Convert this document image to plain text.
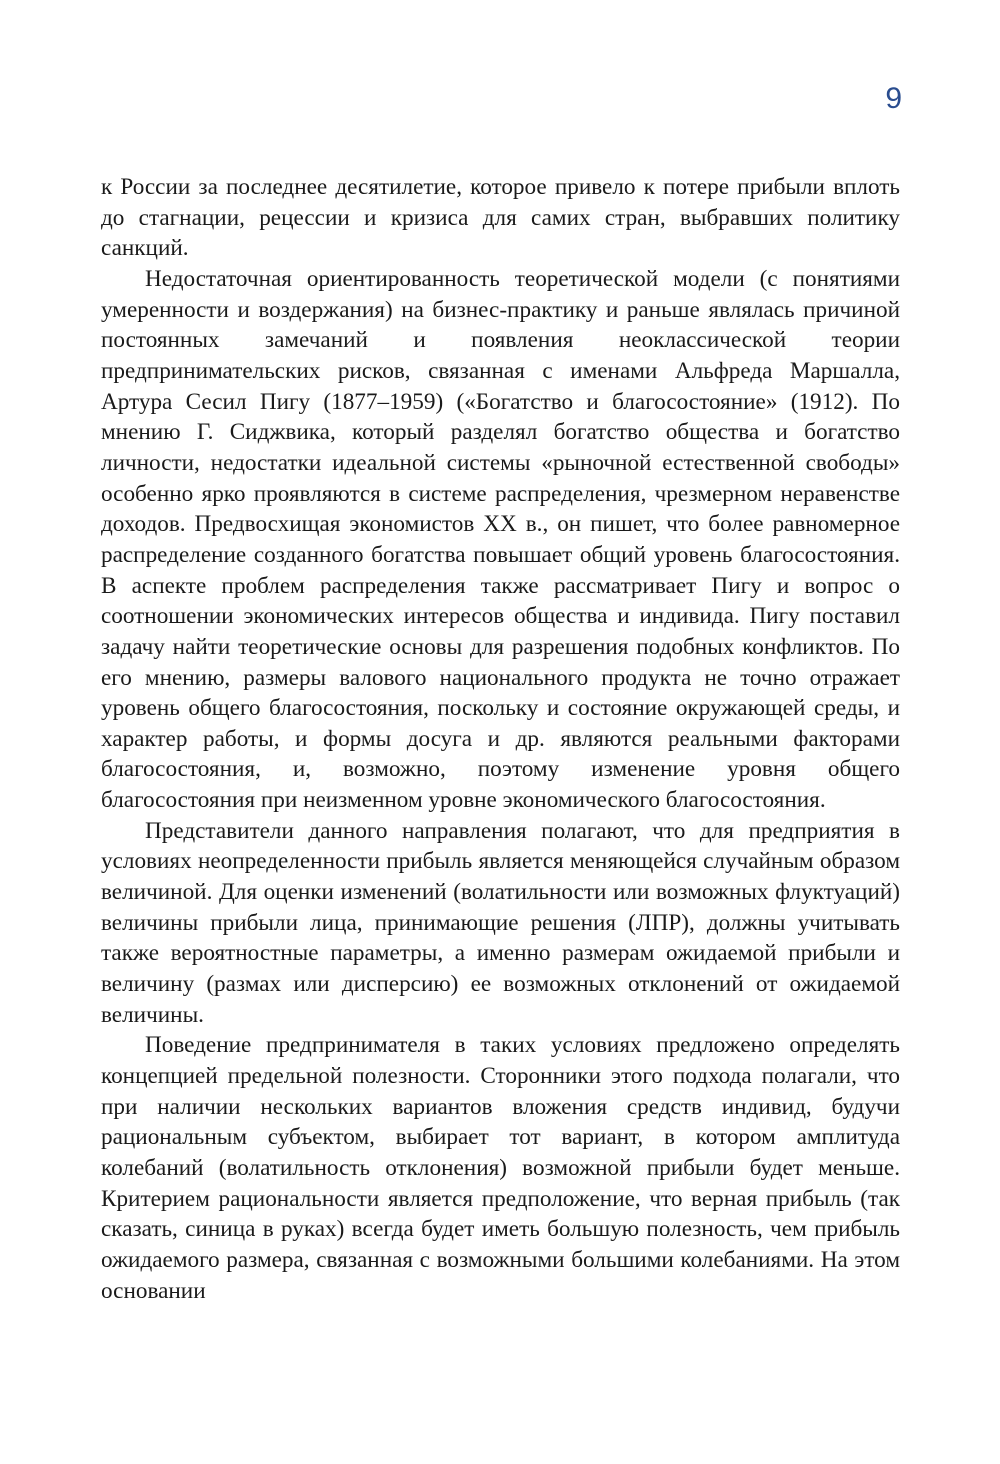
9

к России за последнее десятилетие, которое привело к потере прибыли вплоть до стагнации, рецессии и кризиса для самих стран, выбравших политику санкций.

Недостаточная ориентированность теоретической модели (с понятиями умеренности и воздержания) на бизнес-практику и раньше являлась причиной постоянных замечаний и появления неоклассической теории предпринимательских рисков, связанная с именами Альфреда Маршалла, Артура Сесил Пигу (1877–1959) («Богатство и благосостояние» (1912). По мнению Г. Сиджвика, который разделял богатство общества и богатство личности, недостатки идеальной системы «рыночной естественной свободы» особенно ярко проявляются в системе распределения, чрезмерном неравенстве доходов. Предвосхищая экономистов XX в., он пишет, что более равномерное распределение созданного богатства повышает общий уровень благосостояния. В аспекте проблем распределения также рассматривает Пигу и вопрос о соотношении экономических интересов общества и индивида. Пигу поставил задачу найти теоретические основы для разрешения подобных конфликтов. По его мнению, размеры валового национального продукта не точно отражает уровень общего благосостояния, поскольку и состояние окружающей среды, и характер работы, и формы досуга и др. являются реальными факторами благосостояния, и, возможно, поэтому изменение уровня общего благосостояния при неизменном уровне экономического благосостояния.

Представители данного направления полагают, что для предприятия в условиях неопределенности прибыль является меняющейся случайным образом величиной. Для оценки изменений (волатильности или возможных флуктуаций) величины прибыли лица, принимающие решения (ЛПР), должны учитывать также вероятностные параметры, а именно размерам ожидаемой прибыли и величину (размах или дисперсию) ее возможных отклонений от ожидаемой величины.

Поведение предпринимателя в таких условиях предложено определять концепцией предельной полезности. Сторонники этого подхода полагали, что при наличии нескольких вариантов вложения средств индивид, будучи рациональным субъектом, выбирает тот вариант, в котором амплитуда колебаний (волатильность отклонения) возможной прибыли будет меньше. Критерием рациональности является предположение, что верная прибыль (так сказать, синица в руках) всегда будет иметь большую полезность, чем прибыль ожидаемого размера, связанная с возможными большими колебаниями. На этом основании
